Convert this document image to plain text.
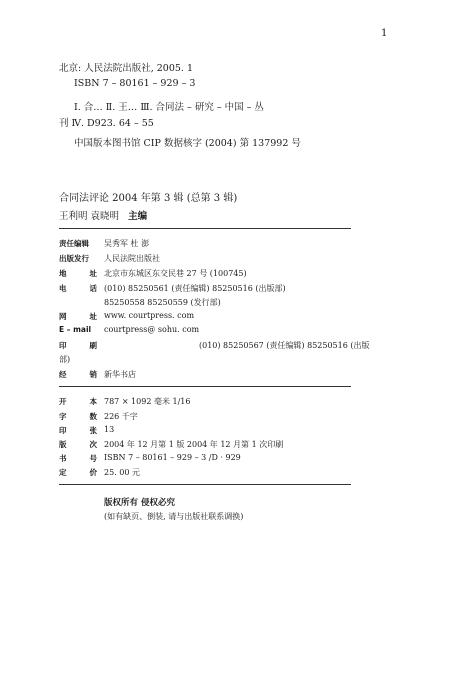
1
北京: 人民法院出版社, 2005. 1
ISBN 7 – 80161 – 929 – 3
Ⅰ. 合… Ⅱ. 王… Ⅲ. 合同法 – 研究 – 中国 – 丛
刊 Ⅳ. D923. 64 – 55
中国版本图书馆 CIP 数据核字 (2004) 第 137992 号
合同法评论 2004 年第 3 辑 (总第 3 辑)
王利明 袁晓明 主编
责任编辑	吴秀军 杜 澎
出版发行	人民法院出版社
地	址 北京市东城区东交民巷 27 号 (100745)
电	话 (010) 85250561 (责任编辑) 85250516 (出版部)
85250558 85250559 (发行部)
网	址 www. courtpress. com
E – mail	courtpress@ sohu. com
印	刷	(010) 85250567 (责任编辑) 85250516 (出版
部)
经	销 新华书店
开	本 787 × 1092 毫米 1/16
字	数 226 千字
印	张 13
版	次 2004 年 12 月第 1 版 2004 年 12 月第 1 次印刷
书	号 ISBN 7 – 80161 – 929 – 3 /D · 929
定	价 25. 00 元
版权所有 侵权必究
(如有缺页、倒装, 请与出版社联系调换)
